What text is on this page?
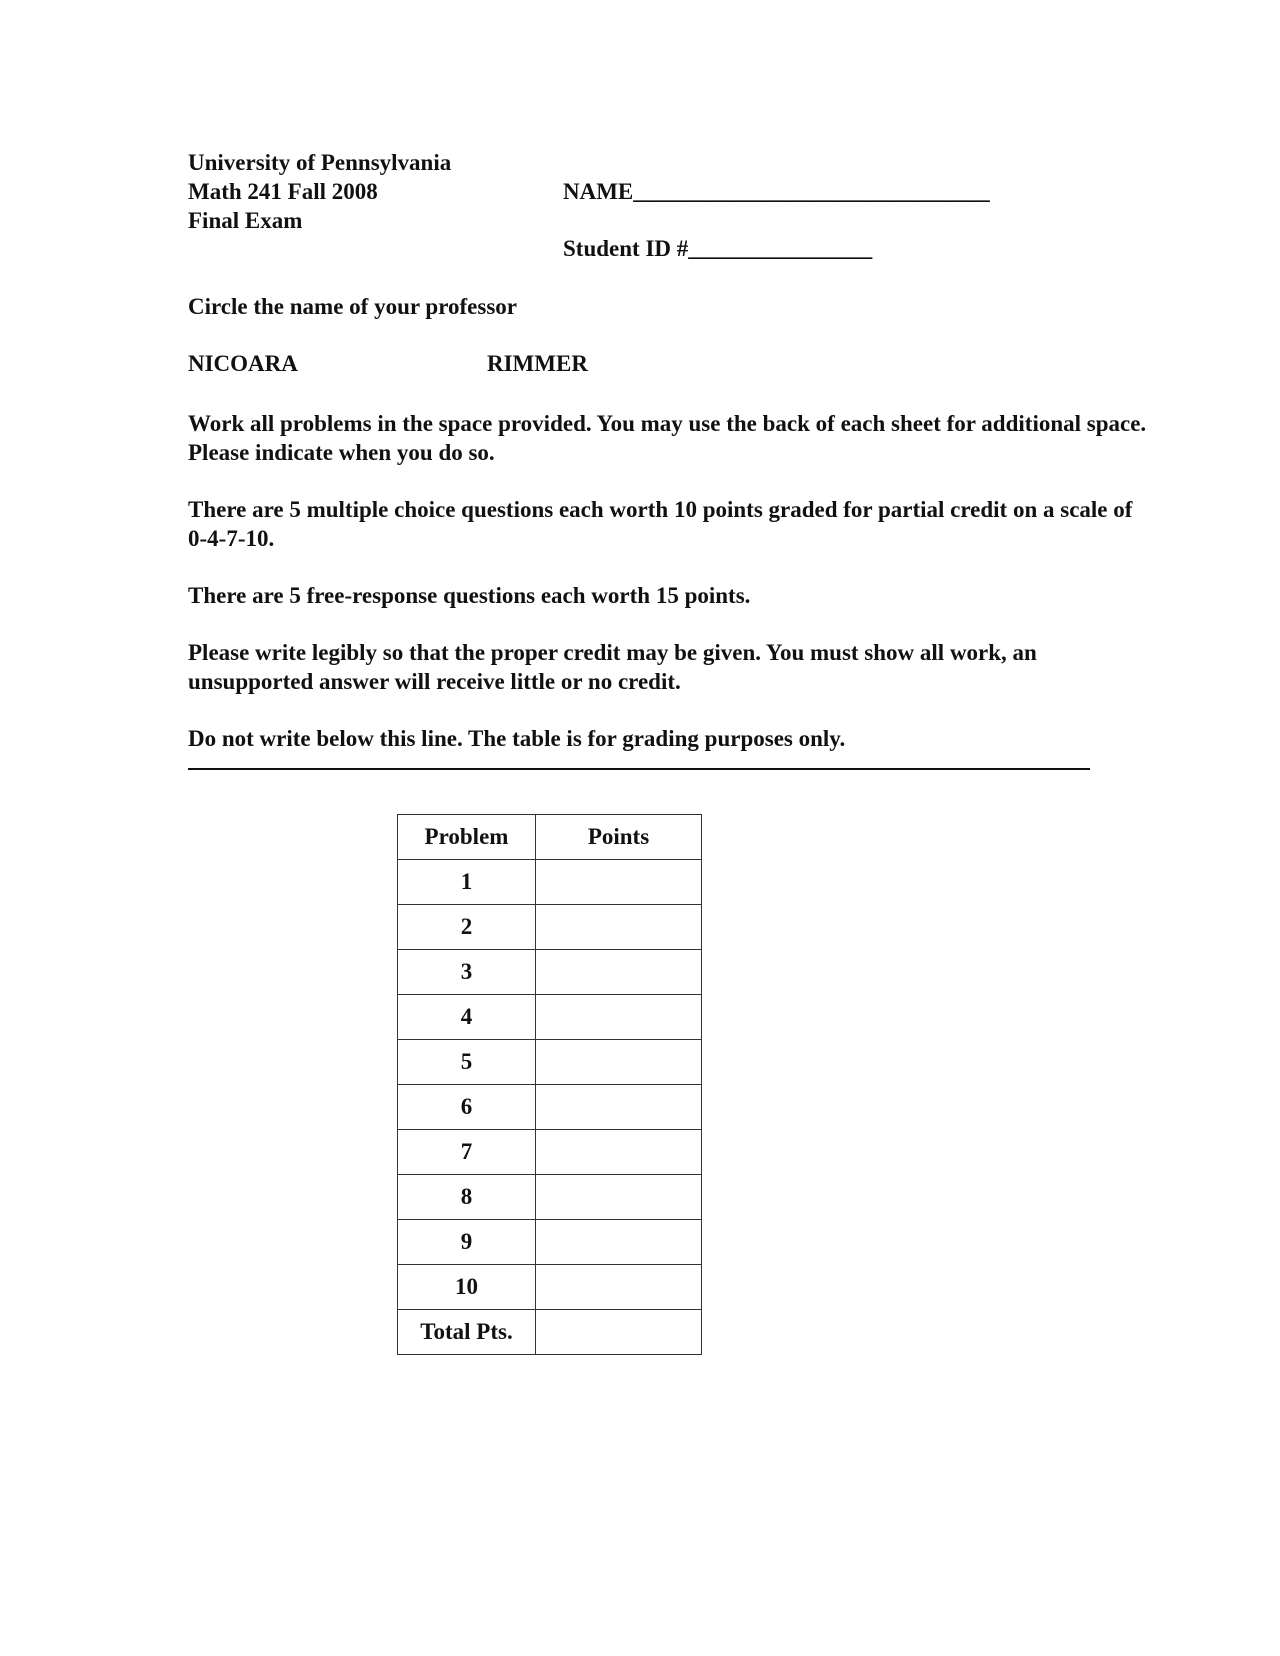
University of Pennsylvania
Math 241 Fall 2008
Final Exam
NAME_______________________________
Student ID #________________
Circle the name of your professor
NICOARA	RIMMER
Work all problems in the space provided. You may use the back of each sheet for additional space. Please indicate when you do so.
There are 5 multiple choice questions each worth 10 points graded for partial credit on a scale of 0-4-7-10.
There are 5 free-response questions each worth 15 points.
Please write legibly so that the proper credit may be given. You must show all work, an unsupported answer will receive little or no credit.
Do not write below this line. The table is for grading purposes only.
Problem	Points
1	
2	
3	
4	
5	
6	
7	
8	
9	
10	
Total Pts.	
